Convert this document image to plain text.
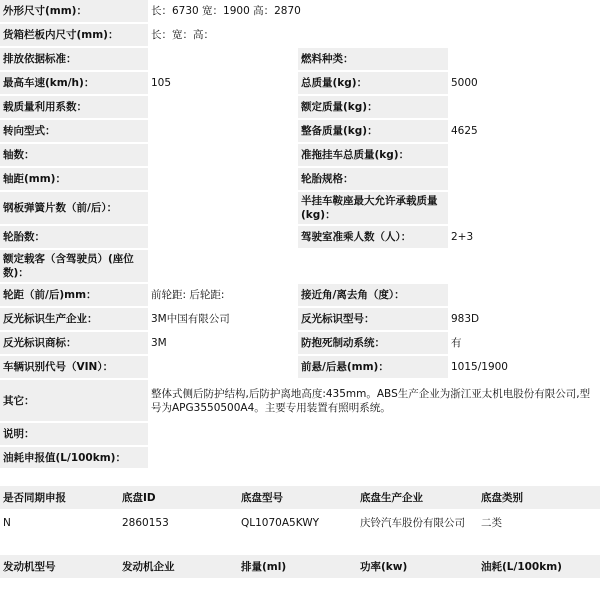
外形尺寸(mm)：	长：6730 宽：1900 高：2870		
货箱栏板内尺寸(mm)：	长：宽：高：		
排放依据标准：		燃料种类：	
最高车速(km/h)：	105	总质量(kg)：	5000
载质量利用系数：		额定质量(kg)：	
转向型式：		整备质量(kg)：	4625
轴数：		准拖挂车总质量(kg)：	
轴距(mm)：		轮胎规格：	
钢板弹簧片数（前/后）：		半挂车鞍座最大允许承载质量(kg)：	
轮胎数：		驾驶室准乘人数（人）：	2+3
额定载客（含驾驶员）(座位数)：			
轮距（前/后)mm：	前轮距: 后轮距:	接近角/离去角（度）：	
反光标识生产企业：	3M中国有限公司	反光标识型号：	983D
反光标识商标：	3M	防抱死制动系统：	有
车辆识别代号（VIN）：		前悬/后悬(mm)：	1015/1900
其它：	整体式侧后防护结构,后防护离地高度:435mm。ABS生产企业为浙江亚太机电股份有限公司,型号为APG3550500A4。主要专用装置有照明系统。		
说明：			
油耗申报值(L/100km)：			
是否同期申报	底盘ID	底盘型号	底盘生产企业	底盘类别
N	2860153	QL1070A5KWY	庆铃汽车股份有限公司	二类
发动机型号	发动机企业	排量(ml)	功率(kw)	油耗(L/100km)
